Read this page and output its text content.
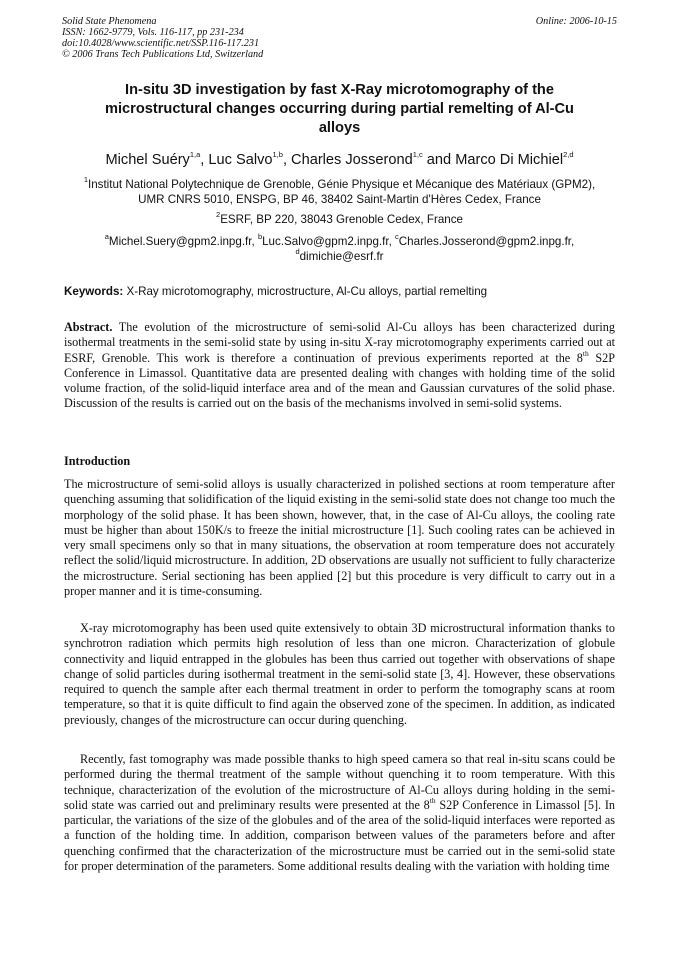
Solid State Phenomena
ISSN: 1662-9779, Vols. 116-117, pp 231-234
doi:10.4028/www.scientific.net/SSP.116-117.231
© 2006 Trans Tech Publications Ltd, Switzerland
Online: 2006-10-15
In-situ 3D investigation by fast X-Ray microtomography of the
microstructural changes occurring during partial remelting of Al-Cu
alloys
Michel Suéry$^{1,a}$, Luc Salvo$^{1,b}$, Charles Josserond$^{1,c}$ and Marco Di Michiel$^{2,d}$
$^1$Institut National Polytechnique de Grenoble, Génie Physique et Mécanique des Matériaux (GPM2),
UMR CNRS 5010, ENSPG, BP 46, 38402 Saint-Martin d'Hères Cedex, France
$^2$ESRF, BP 220, 38043 Grenoble Cedex, France
$^a$Michel.Suery@gpm2.inpg.fr, $^b$Luc.Salvo@gpm2.inpg.fr, $^c$Charles.Josserond@gpm2.inpg.fr,
$^d$dimichie@esrf.fr
Keywords: X-Ray microtomography, microstructure, Al-Cu alloys, partial remelting
Abstract. The evolution of the microstructure of semi-solid Al-Cu alloys has been characterized during isothermal treatments in the semi-solid state by using in-situ X-ray microtomography experiments carried out at ESRF, Grenoble. This work is therefore a continuation of previous experiments reported at the 8th S2P Conference in Limassol. Quantitative data are presented dealing with changes with holding time of the solid volume fraction, of the solid-liquid interface area and of the mean and Gaussian curvatures of the solid phase. Discussion of the results is carried out on the basis of the mechanisms involved in semi-solid systems.
Introduction
The microstructure of semi-solid alloys is usually characterized in polished sections at room temperature after quenching assuming that solidification of the liquid existing in the semi-solid state does not change too much the morphology of the solid phase. It has been shown, however, that, in the case of Al-Cu alloys, the cooling rate must be higher than about 150K/s to freeze the initial microstructure [1]. Such cooling rates can be achieved in very small specimens only so that in many situations, the observation at room temperature does not accurately reflect the solid/liquid microstructure. In addition, 2D observations are usually not sufficient to fully characterize the microstructure. Serial sectioning has been applied [2] but this procedure is very difficult to carry out in a proper manner and it is time-consuming.
X-ray microtomography has been used quite extensively to obtain 3D microstructural information thanks to synchrotron radiation which permits high resolution of less than one micron. Characterization of globule connectivity and liquid entrapped in the globules has been thus carried out together with observations of shape change of solid particles during isothermal treatment in the semi-solid state [3, 4]. However, these observations required to quench the sample after each thermal treatment in order to perform the tomography scans at room temperature, so that it is quite difficult to find again the observed zone of the specimen. In addition, as indicated previously, changes of the microstructure can occur during quenching.
Recently, fast tomography was made possible thanks to high speed camera so that real in-situ scans could be performed during the thermal treatment of the sample without quenching it to room temperature. With this technique, characterization of the evolution of the microstructure of Al-Cu alloys during holding in the semi-solid state was carried out and preliminary results were presented at the 8th S2P Conference in Limassol [5]. In particular, the variations of the size of the globules and of the area of the solid-liquid interfaces were reported as a function of the holding time. In addition, comparison between values of the parameters before and after quenching confirmed that the characterization of the microstructure must be carried out in the semi-solid state for proper determination of the parameters. Some additional results dealing with the variation with holding time
